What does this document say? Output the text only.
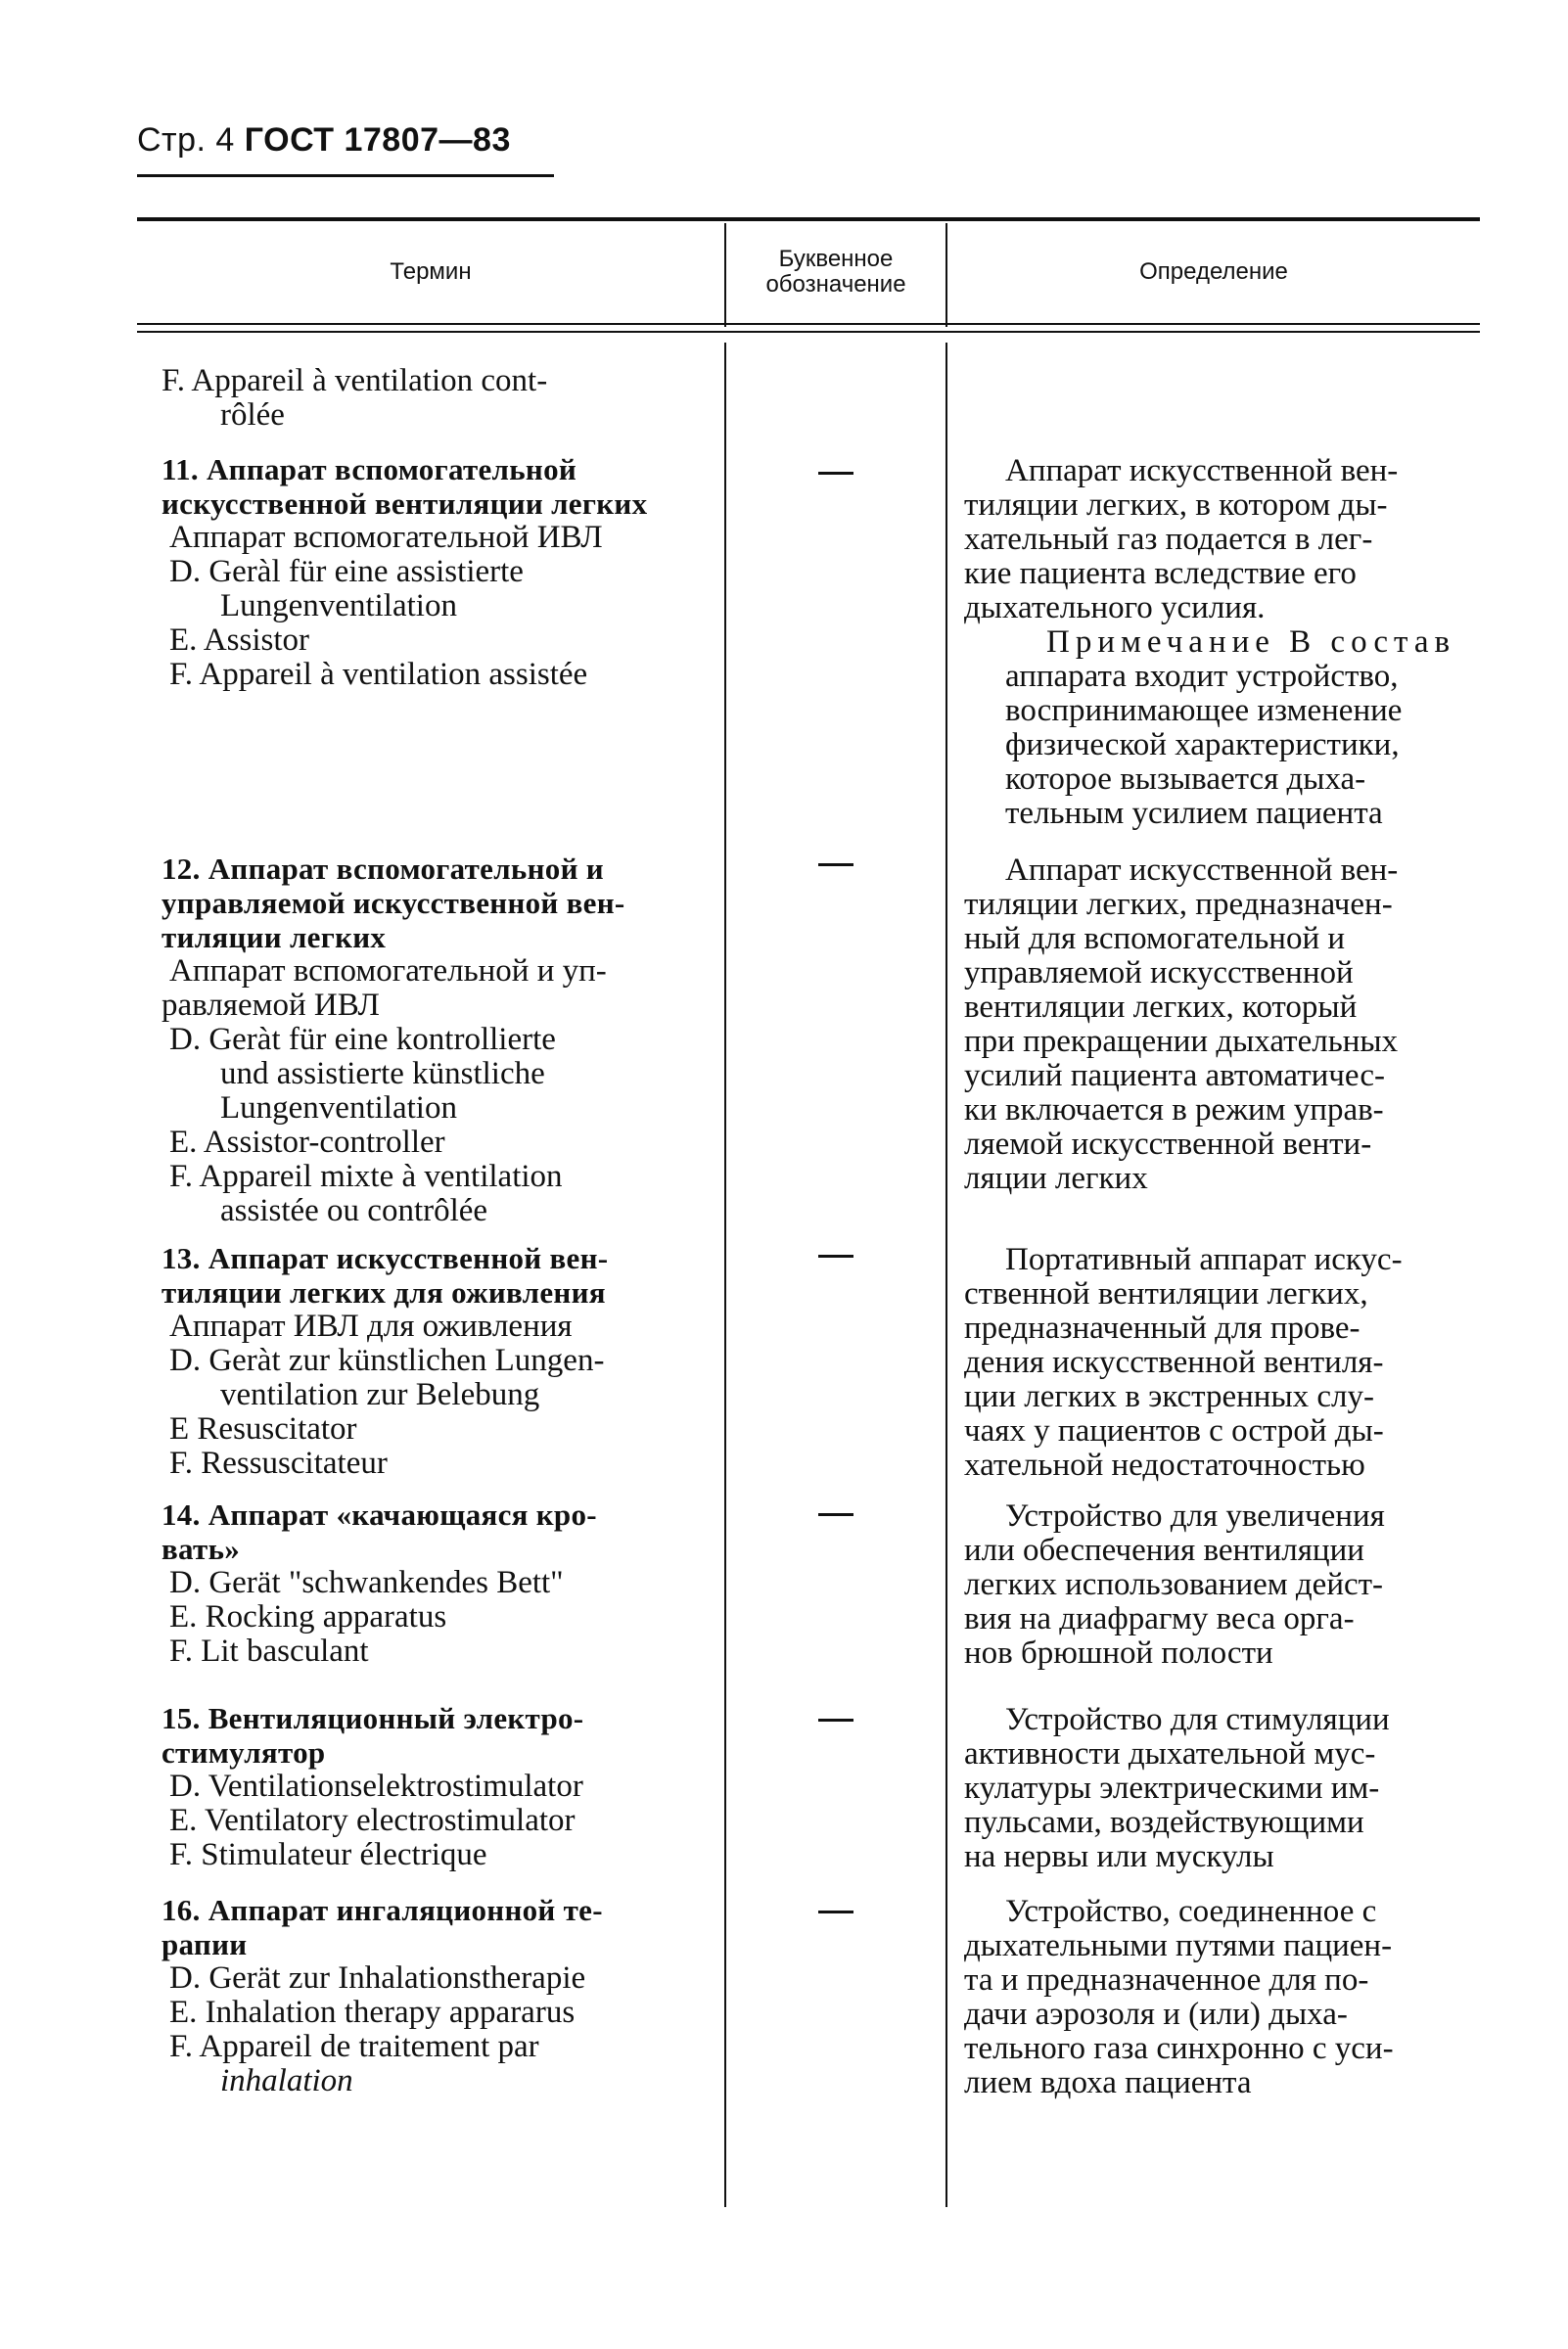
Стр. 4 ГОСТ 17807—83
Термин	Буквенное
обозначение	Определение
F. Appareil à ventilation cont-
rôlée
11. Аппарат вспомогательной
искусственной вентиляции легких
Аппарат вспомогательной ИВЛ
D. Geràl für eine assistierte
Lungenventilation
E. Assistor
F. Appareil à ventilation assistée
Аппарат искусственной вен-
тиляции легких, в котором ды-
хательный газ подается в лег-
кие пациента вследствие его
дыхательного усилия.
Примечание В состав
аппарата входит устройство,
воспринимающее изменение
физической характеристики,
которое вызывается дыха-
тельным усилием пациента
12. Аппарат вспомогательной и
управляемой искусственной вен-
тиляции легких
Аппарат вспомогательной и уп-
равляемой ИВЛ
D. Geràt für eine kontrollierte
und assistierte künstliche
Lungenventilation
E. Assistor-controller
F. Appareil mixte à ventilation
assistée ou contrôlée
Аппарат искусственной вен-
тиляции легких, предназначен-
ный для вспомогательной и
управляемой искусственной
вентиляции легких, который
при прекращении дыхательных
усилий пациента автоматичес-
ки включается в режим управ-
ляемой искусственной венти-
ляции легких
13. Аппарат искусственной вен-
тиляции легких для оживления
Аппарат ИВЛ для оживления
D. Geràt zur künstlichen Lungen-
ventilation zur Belebung
E Resuscitator
F. Ressuscitateur
Портативный аппарат искус-
ственной вентиляции легких,
предназначенный для прове-
дения искусственной вентиля-
ции легких в экстренных слу-
чаях у пациентов с острой ды-
хательной недостаточностью
14. Аппарат «качающаяся кро-
вать»
D. Gerät "schwankendes Bett"
E. Rocking apparatus
F. Lit basculant
Устройство для увеличения
или обеспечения вентиляции
легких использованием дейст-
вия на диафрагму веса орга-
нов брюшной полости
15. Вентиляционный электро-
стимулятор
D. Ventilationselektrostimulator
E. Ventilatory electrostimulator
F. Stimulateur électrique
Устройство для стимуляции
активности дыхательной мус-
кулатуры электрическими им-
пульсами, воздействующими
на нервы или мускулы
16. Аппарат ингаляционной те-
рапии
D. Gerät zur Inhalationstherapie
E. Inhalation therapy appararus
F. Appareil de traitement par
inhalation
Устройство, соединенное с
дыхательными путями пациен-
та и предназначенное для по-
дачи аэрозоля и (или) дыха-
тельного газа синхронно с уси-
лием вдоха пациента
